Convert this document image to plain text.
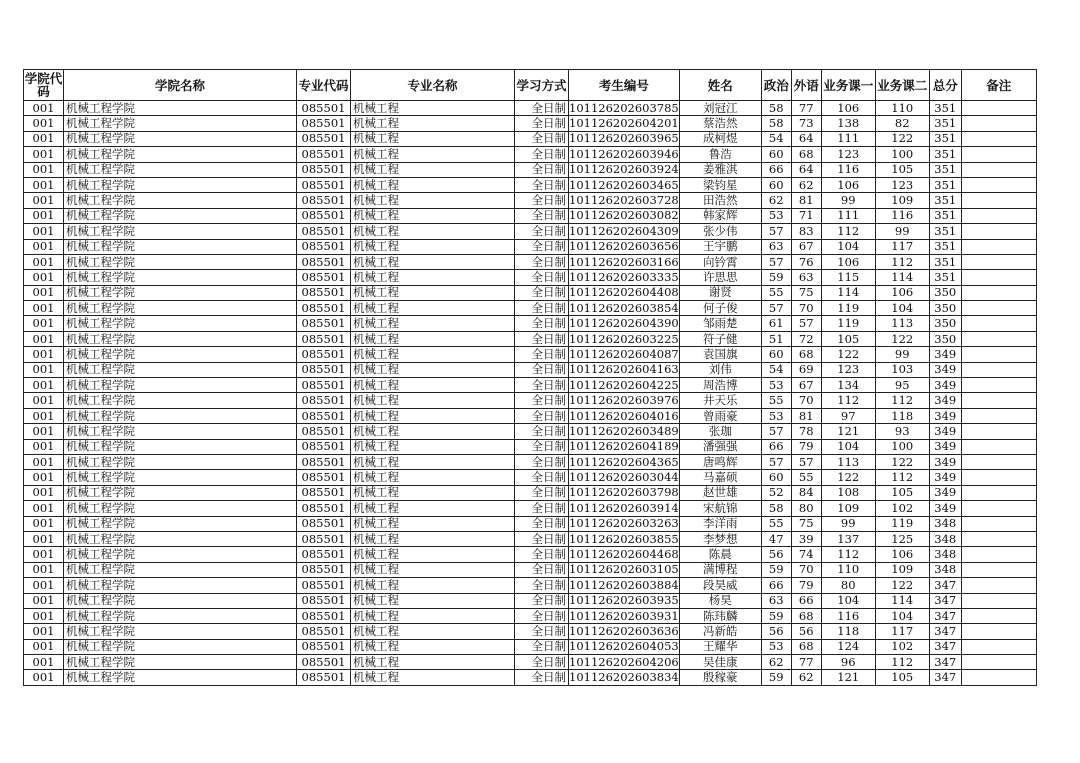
学院代码	学院名称	专业代码	专业名称	学习方式	考生编号	姓名	政治	外语	业务课一	业务课二	总分	备注
001	机械工程学院	085501	机械工程	全日制	101126202603785	刘冠江	58	77	106	110	351	
001	机械工程学院	085501	机械工程	全日制	101126202604201	蔡浩然	58	73	138	82	351	
001	机械工程学院	085501	机械工程	全日制	101126202603965	成柯煜	54	64	111	122	351	
001	机械工程学院	085501	机械工程	全日制	101126202603946	鲁浩	60	68	123	100	351	
001	机械工程学院	085501	机械工程	全日制	101126202603924	姜雅淇	66	64	116	105	351	
001	机械工程学院	085501	机械工程	全日制	101126202603465	梁钧星	60	62	106	123	351	
001	机械工程学院	085501	机械工程	全日制	101126202603728	田浩然	62	81	99	109	351	
001	机械工程学院	085501	机械工程	全日制	101126202603082	韩家辉	53	71	111	116	351	
001	机械工程学院	085501	机械工程	全日制	101126202604309	张少伟	57	83	112	99	351	
001	机械工程学院	085501	机械工程	全日制	101126202603656	王宇鹏	63	67	104	117	351	
001	机械工程学院	085501	机械工程	全日制	101126202603166	向钤霄	57	76	106	112	351	
001	机械工程学院	085501	机械工程	全日制	101126202603335	许思思	59	63	115	114	351	
001	机械工程学院	085501	机械工程	全日制	101126202604408	谢贤	55	75	114	106	350	
001	机械工程学院	085501	机械工程	全日制	101126202603854	何子俊	57	70	119	104	350	
001	机械工程学院	085501	机械工程	全日制	101126202604390	邹雨楚	61	57	119	113	350	
001	机械工程学院	085501	机械工程	全日制	101126202603225	符子健	51	72	105	122	350	
001	机械工程学院	085501	机械工程	全日制	101126202604087	袁国旗	60	68	122	99	349	
001	机械工程学院	085501	机械工程	全日制	101126202604163	刘伟	54	69	123	103	349	
001	机械工程学院	085501	机械工程	全日制	101126202604225	周浩博	53	67	134	95	349	
001	机械工程学院	085501	机械工程	全日制	101126202603976	井天乐	55	70	112	112	349	
001	机械工程学院	085501	机械工程	全日制	101126202604016	曾雨豪	53	81	97	118	349	
001	机械工程学院	085501	机械工程	全日制	101126202603489	张珈	57	78	121	93	349	
001	机械工程学院	085501	机械工程	全日制	101126202604189	潘强强	66	79	104	100	349	
001	机械工程学院	085501	机械工程	全日制	101126202604365	唐鸣辉	57	57	113	122	349	
001	机械工程学院	085501	机械工程	全日制	101126202603044	马嘉硕	60	55	122	112	349	
001	机械工程学院	085501	机械工程	全日制	101126202603798	赵世雄	52	84	108	105	349	
001	机械工程学院	085501	机械工程	全日制	101126202603914	宋航锦	58	80	109	102	349	
001	机械工程学院	085501	机械工程	全日制	101126202603263	李洋雨	55	75	99	119	348	
001	机械工程学院	085501	机械工程	全日制	101126202603855	李梦想	47	39	137	125	348	
001	机械工程学院	085501	机械工程	全日制	101126202604468	陈晨	56	74	112	106	348	
001	机械工程学院	085501	机械工程	全日制	101126202603105	满博程	59	70	110	109	348	
001	机械工程学院	085501	机械工程	全日制	101126202603884	段昊威	66	79	80	122	347	
001	机械工程学院	085501	机械工程	全日制	101126202603935	杨昊	63	66	104	114	347	
001	机械工程学院	085501	机械工程	全日制	101126202603931	陈玮麟	59	68	116	104	347	
001	机械工程学院	085501	机械工程	全日制	101126202603636	冯新皓	56	56	118	117	347	
001	机械工程学院	085501	机械工程	全日制	101126202604053	王耀华	53	68	124	102	347	
001	机械工程学院	085501	机械工程	全日制	101126202604206	吴佳康	62	77	96	112	347	
001	机械工程学院	085501	机械工程	全日制	101126202603834	殷稼豪	59	62	121	105	347	
